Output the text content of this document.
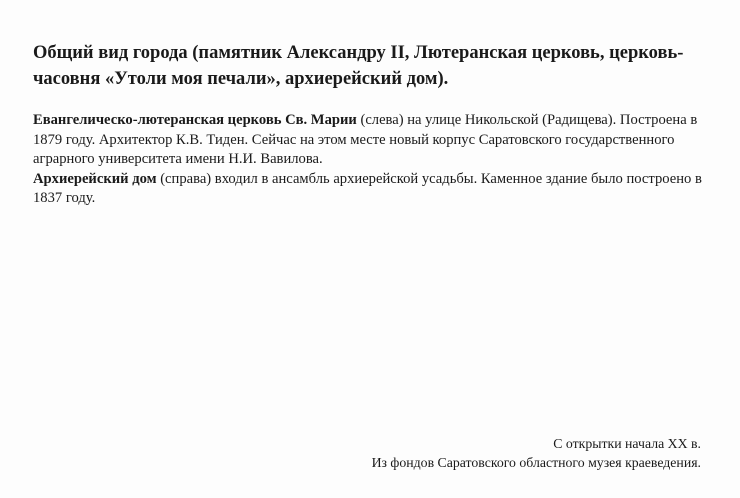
Общий вид города (памятник Александру II, Лютеранская церковь, церковь-часовня «Утоли моя печали», архиерейский дом).

Евангелическо-лютеранская церковь Св. Марии (слева) на улице Никольской (Радищева). Построена в 1879 году. Архитектор К.В. Тиден. Сейчас на этом месте новый корпус Саратовского государственного аграрного университета имени Н.И. Вавилова.

Архиерейский дом (справа) входил в ансамбль архиерейской усадьбы. Каменное здание было построено в 1837 году.

С открытки начала XX в.
Из фондов Саратовского областного музея краеведения.
